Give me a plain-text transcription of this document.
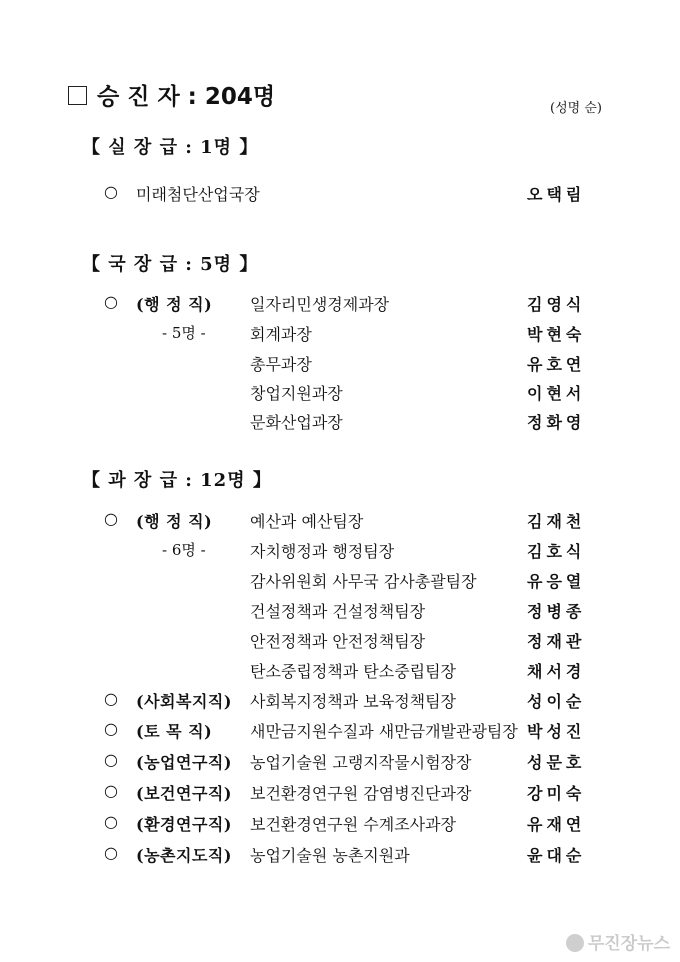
승 진 자 : 204명	(성명 순)
【 실 장 급 : 1명 】
○ 미래첨단산업국장	오택림
【 국 장 급 : 5명 】
○ (행 정 직) 일자리민생경제과장	김영식
- 5명 -	회계과장	박현숙
총무과장	유호연
창업지원과장	이현서
문화산업과장	정화영
【 과 장 급 : 12명 】
○ (행 정 직) 예산과 예산팀장	김재천
- 6명 -	자치행정과 행정팀장	김호식
감사위원회 사무국 감사총괄팀장	유응열
건설정책과 건설정책팀장	정병종
안전정책과 안전정책팀장	정재관
탄소중립정책과 탄소중립팀장	채서경
○ (사회복지직) 사회복지정책과 보육정책팀장	성이순
○ (토 목 직) 새만금지원수질과 새만금개발관광팀장 박성진
○ (농업연구직) 농업기술원 고랭지작물시험장장	성문호
○ (보건연구직) 보건환경연구원 감염병진단과장	강미숙
○ (환경연구직) 보건환경연구원 수계조사과장	유재연
○ (농촌지도직) 농업기술원 농촌지원과	윤대순
무진장뉴스
